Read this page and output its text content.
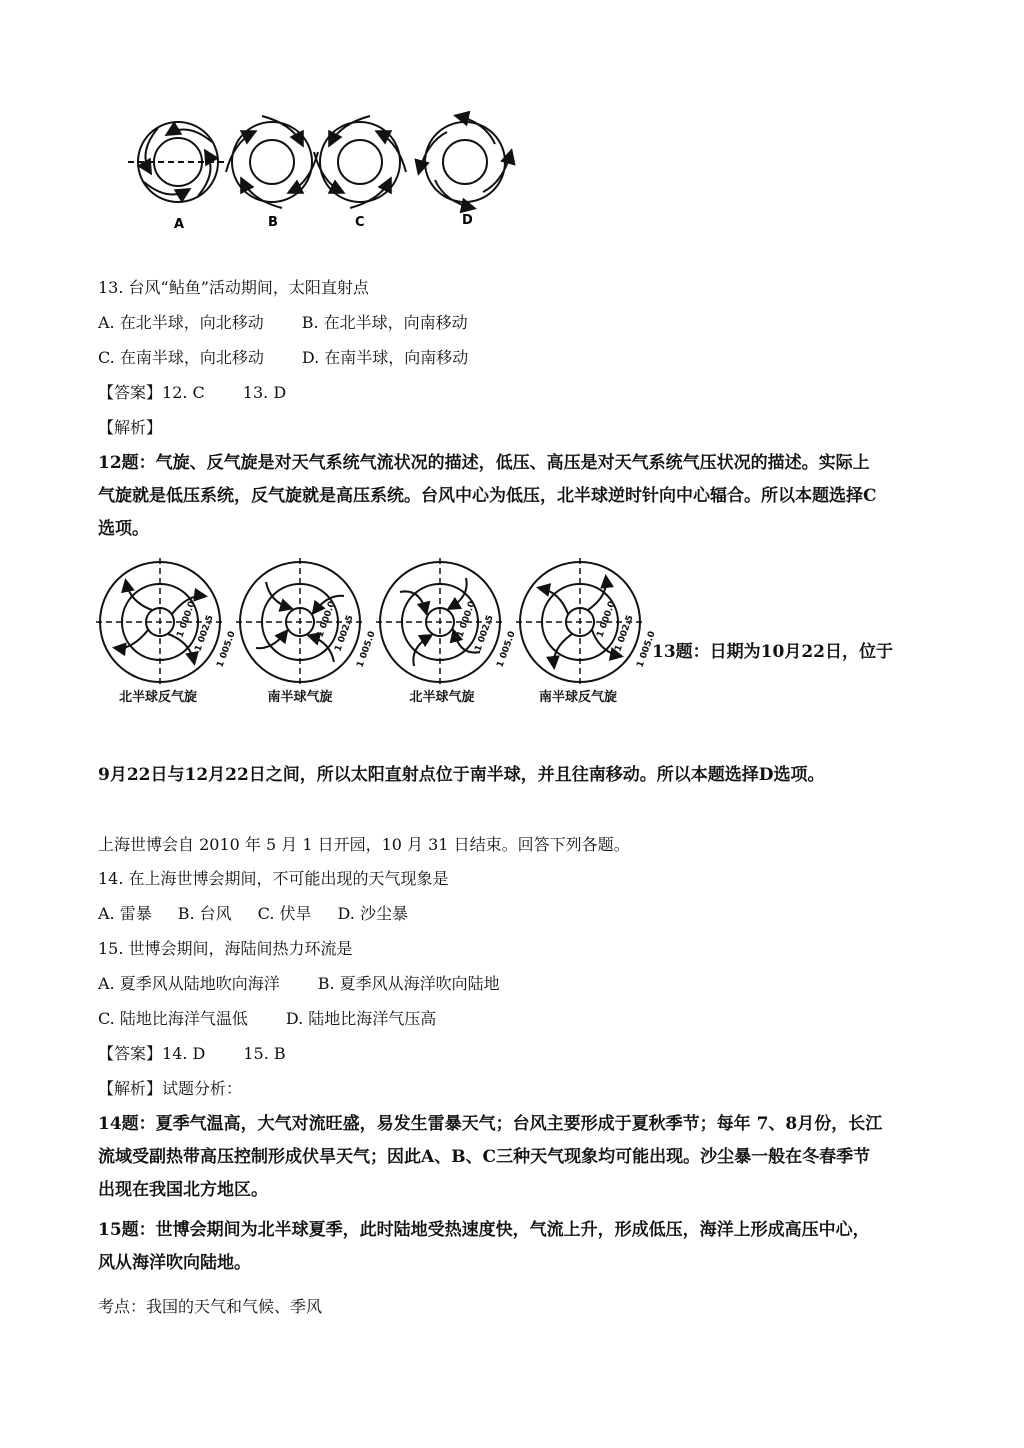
A	B	C	D
13. 台风“鲇鱼”活动期间，太阳直射点
A. 在北半球，向北移动 B. 在北半球，向南移动
C. 在南半球，向北移动 D. 在南半球，向南移动
【答案】12. C 13. D
【解析】
12题：气旋、反气旋是对天气系统气流状况的描述，低压、高压是对天气系统气压状况的描述。实际上
气旋就是低压系统，反气旋就是高压系统。台风中心为低压，北半球逆时针向中心辐合。所以本题选择C
选项。
1 000.0
1 002.5 1 005.0
1 000.0
1 002.5 1 005.0
1 000.0
1 002.5 1 005.0
1 000.0
1 002.5 1 005.0
北半球反气旋	南半球气旋	北半球气旋	南半球反气旋
13题：日期为10月22日，位于
9月22日与12月22日之间，所以太阳直射点位于南半球，并且往南移动。所以本题选择D选项。
上海世博会自 2010 年 5 月 1 日开园，10 月 31 日结束。回答下列各题。
14. 在上海世博会期间，不可能出现的天气现象是
A. 雷暴 B. 台风 C. 伏旱 D. 沙尘暴
15. 世博会期间，海陆间热力环流是
A. 夏季风从陆地吹向海洋 B. 夏季风从海洋吹向陆地
C. 陆地比海洋气温低 D. 陆地比海洋气压高
【答案】14. D 15. B
【解析】试题分析：
14题：夏季气温高，大气对流旺盛，易发生雷暴天气；台风主要形成于夏秋季节；每年 7、8月份，长江
流域受副热带高压控制形成伏旱天气；因此A、B、C三种天气现象均可能出现。沙尘暴一般在冬春季节
出现在我国北方地区。
15题：世博会期间为北半球夏季，此时陆地受热速度快，气流上升，形成低压，海洋上形成高压中心，
风从海洋吹向陆地。
考点：我国的天气和气候、季风
